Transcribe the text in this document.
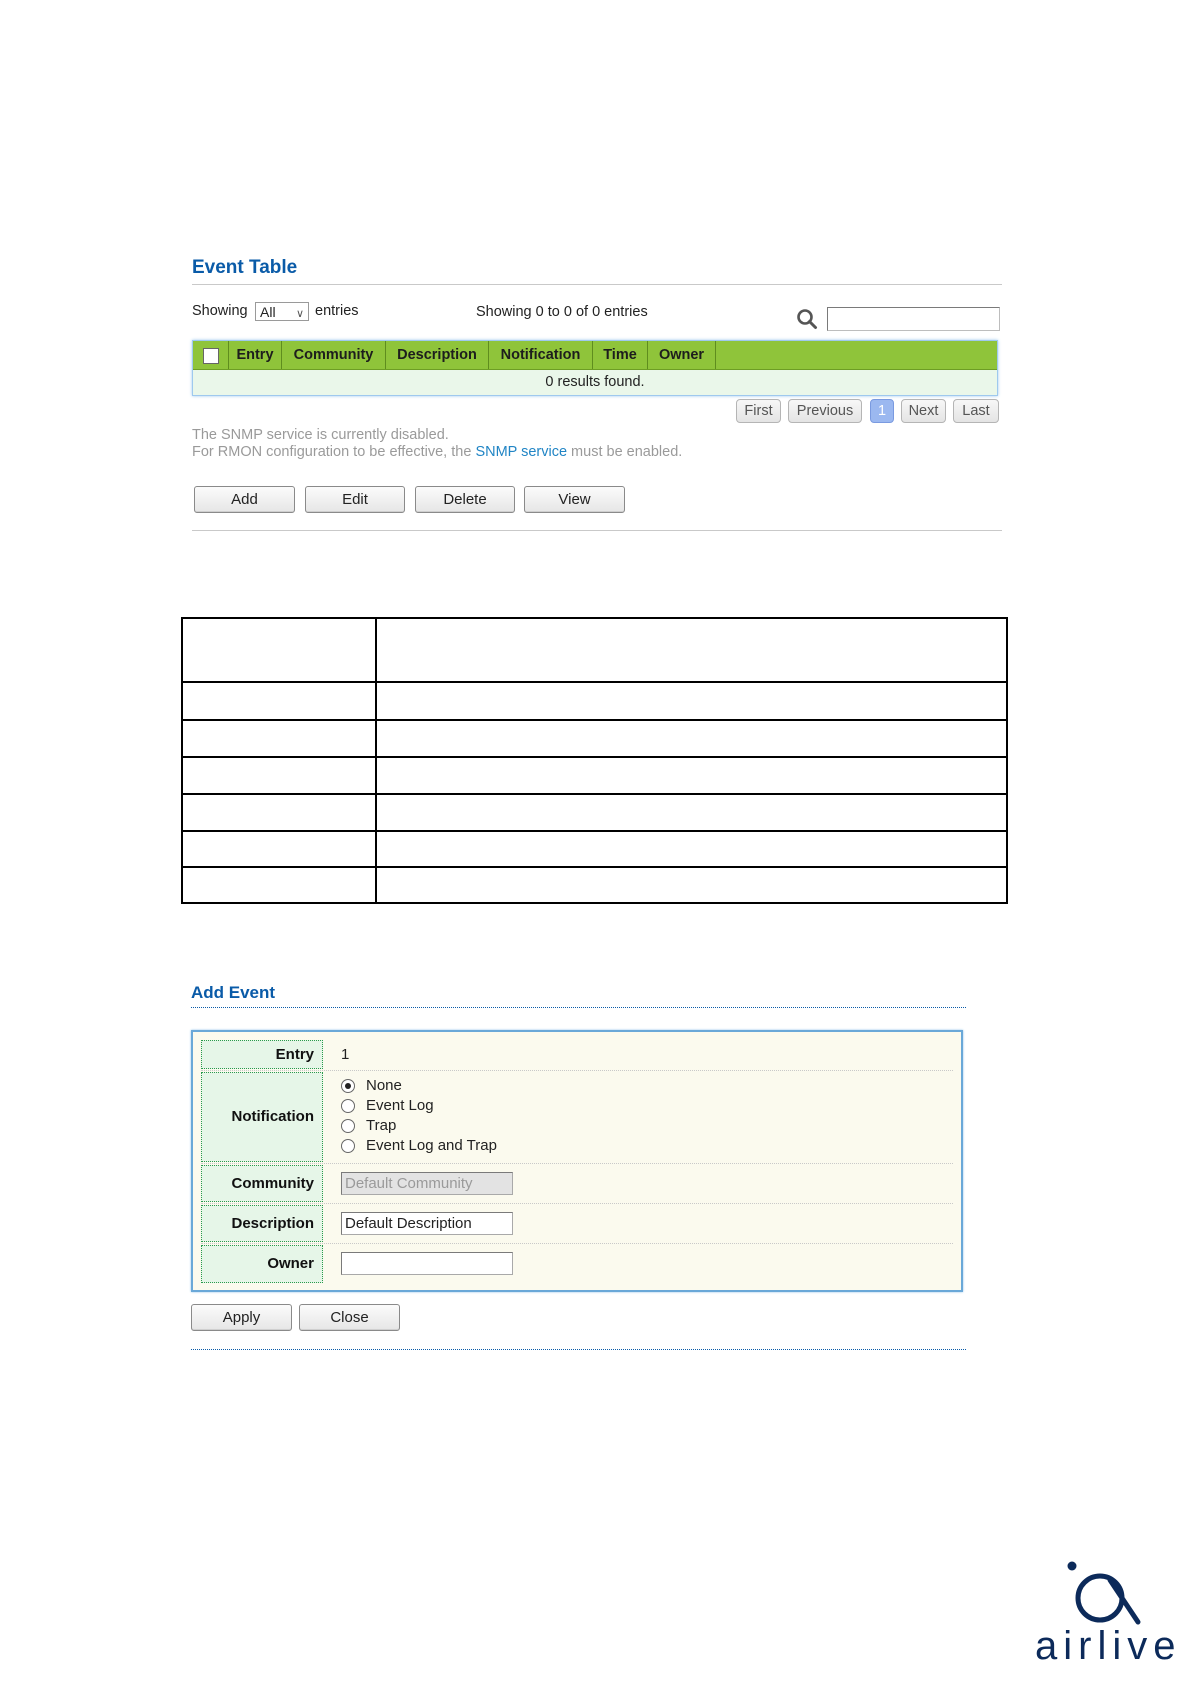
Event Table
Showing All ∨ entries	Showing 0 to 0 of 0 entries
Entry	Community	Description	Notification	Time	Owner
0 results found.
First	Previous	1	Next	Last
The SNMP service is currently disabled.
For RMON configuration to be effective, the SNMP service must be enabled.
Add	Edit	Delete	View
Add Event
Entry	1
Notification
None
Event Log
Trap
Event Log and Trap
Community	Default Community
Description	Default Description
Owner
Apply	Close
airlive
